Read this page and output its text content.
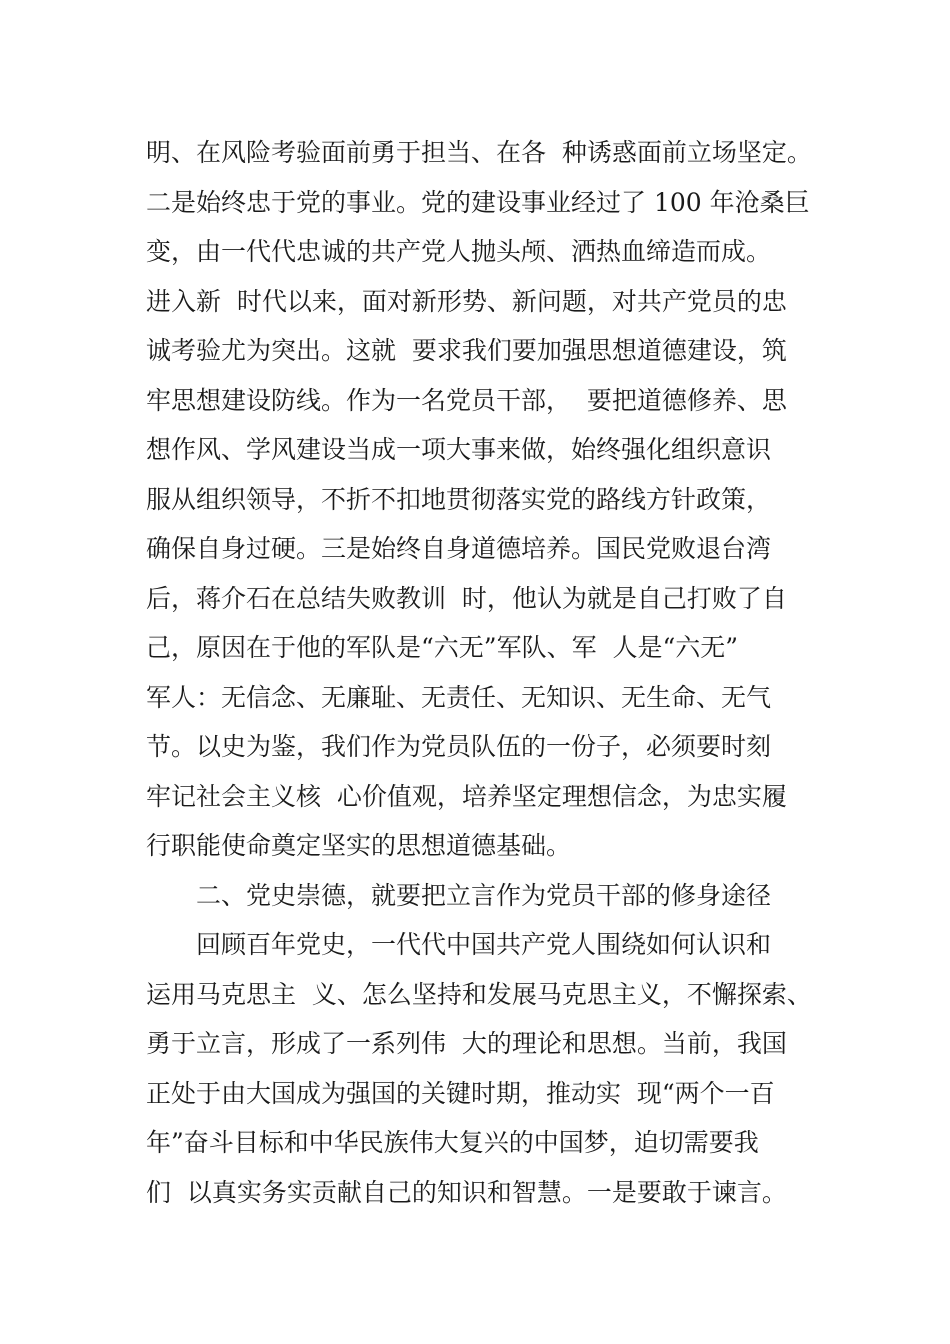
明、在风险考验面前勇于担当、在各  种诱惑面前立场坚定。
二是始终忠于党的事业。党的建设事业经过了 100 年沧桑巨
变，由一代代忠诚的共产党人抛头颅、洒热血缔造而成。
进入新  时代以来，面对新形势、新问题，对共产党员的忠
诚考验尤为突出。这就  要求我们要加强思想道德建设，筑
牢思想建设防线。作为一名党员干部，  要把道德修养、思
想作风、学风建设当成一项大事来做，始终强化组织意识
服从组织领导，不折不扣地贯彻落实党的路线方针政策，
确保自身过硬。三是始终自身道德培养。国民党败退台湾
后，蒋介石在总结失败教训  时，他认为就是自己打败了自
己，原因在于他的军队是“六无”军队、军  人是“六无”
军人：无信念、无廉耻、无责任、无知识、无生命、无气
节。以史为鉴，我们作为党员队伍的一份子，必须要时刻
牢记社会主义核  心价值观，培养坚定理想信念，为忠实履
行职能使命奠定坚实的思想道德基础。
二、党史崇德，就要把立言作为党员干部的修身途径
回顾百年党史，一代代中国共产党人围绕如何认识和
运用马克思主  义、怎么坚持和发展马克思主义，不懈探索、
勇于立言，形成了一系列伟  大的理论和思想。当前，我国
正处于由大国成为强国的关键时期，推动实  现“两个一百
年”奋斗目标和中华民族伟大复兴的中国梦，迫切需要我
们  以真实务实贡献自己的知识和智慧。一是要敢于谏言。
